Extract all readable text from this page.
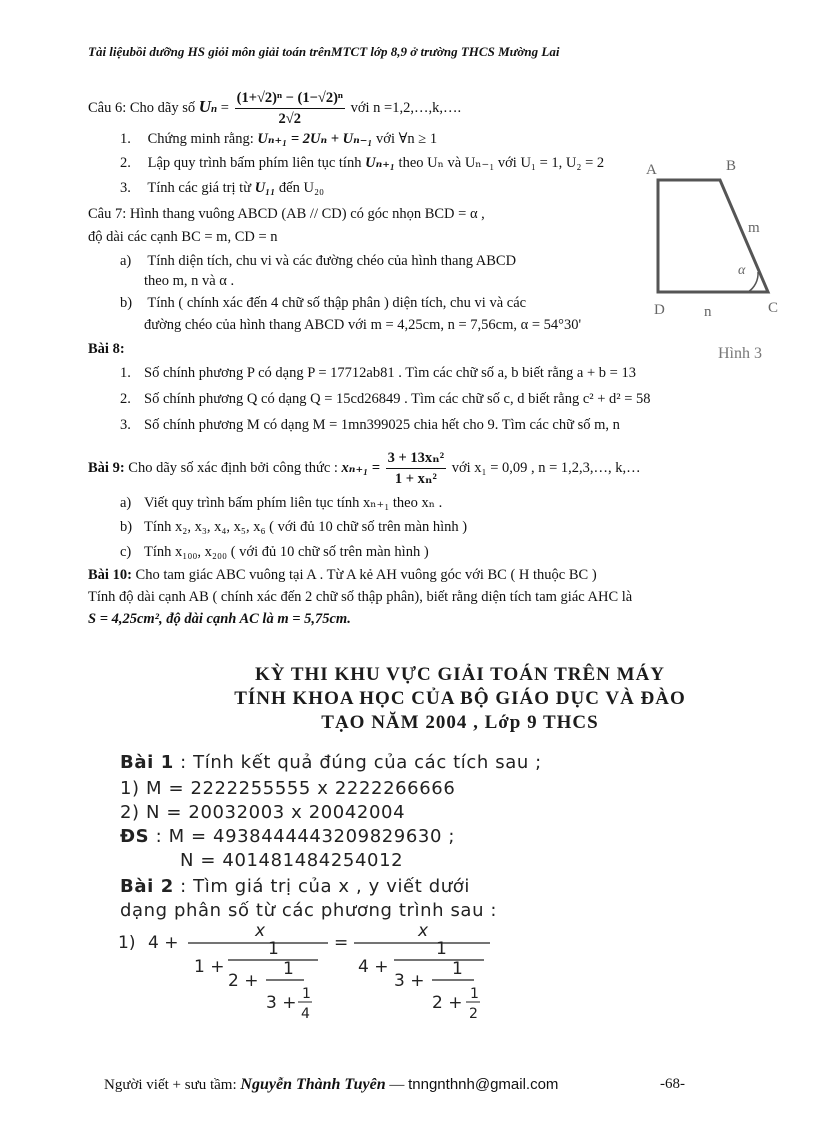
Tài liệubồi dưỡng HS giỏi môn giải toán trênMTCT lớp 8,9 ở trường THCS Mường Lai
Câu 6: Cho dãy số $Un = \frac{\text{(1+√2)ⁿ − (1−√2)ⁿ}}{2√2}$ với n =1,2,…,k,….
1. Chứng minh rằng: Uₙ₊₁ = 2Uₙ + Uₙ₋₁ với ∀n ≥ 1
2. Lập quy trình bấm phím liên tục tính Uₙ₊₁ theo Uₙ và Uₙ₋₁ với U₁ = 1, U₂ = 2
3. Tính các giá trị từ U₁₁ đến U₂₀
Câu 7: Hình thang vuông ABCD (AB // CD) có góc nhọn BCD = α ,
độ dài các cạnh BC = m, CD = n
a) Tính diện tích, chu vi và các đường chéo của hình thang ABCD
theo m, n và α .
b) Tính ( chính xác đến 4 chữ số thập phân ) diện tích, chu vi và các
đường chéo của hình thang ABCD với m = 4,25cm, n = 7,56cm, α = 54°30'
A	B
C
D
m
n
α
Hình 3
Bài 8:
1. Số chính phương P có dạng P = 17712ab81 . Tìm các chữ số a, b biết rằng a + b = 13
2. Số chính phương Q có dạng Q = 15cd26849 . Tìm các chữ số c, d biết rằng c² + d² = 58
3. Số chính phương M có dạng M = 1mn399025 chia hết cho 9. Tìm các chữ số m, n
Bài 9: Cho dãy số xác định bởi công thức : $x_{n+1} = \frac{\text{3 + 13xₙ²}}{\text{1 + xₙ²}}$ với x₁ = 0,09 , n = 1,2,3,…, k,…
a) Viết quy trình bấm phím liên tục tính xₙ₊₁ theo xₙ .
b) Tính x₂, x₃, x₄, x₅, x₆ ( với đủ 10 chữ số trên màn hình )
c) Tính x₁₀₀, x₂₀₀ ( với đủ 10 chữ số trên màn hình )
Bài 10: Cho tam giác ABC vuông tại A . Từ A kẻ AH vuông góc với BC ( H thuộc BC )
Tính độ dài cạnh AB ( chính xác đến 2 chữ số thập phân), biết rằng diện tích tam giác AHC là
S = 4,25cm², độ dài cạnh AC là m = 5,75cm.
KỲ THI KHU VỰC GIẢI TOÁN TRÊN MÁY
TÍNH KHOA HỌC CỦA BỘ GIÁO DỤC VÀ ĐÀO
TẠO NĂM 2004 , Lớp 9 THCS
Bài 1 : Tính kết quả đúng của các tích sau ;
1) M = 2222255555 x 2222266666
2) N = 20032003 x 20042004
ĐS : M = 4938444443209829630 ;
N = 401481484254012
Bài 2 : Tìm giá trị của x , y viết dưới
dạng phân số từ các phương trình sau :
1) 4 +
x
1 +
1
2 +
1
3 + 1
4
=
x
4 +
1
3 +
1
2 + 1
2
Người viết + sưu tầm: Nguyễn Thành Tuyên — tnngnthnh@gmail.com	-68-
